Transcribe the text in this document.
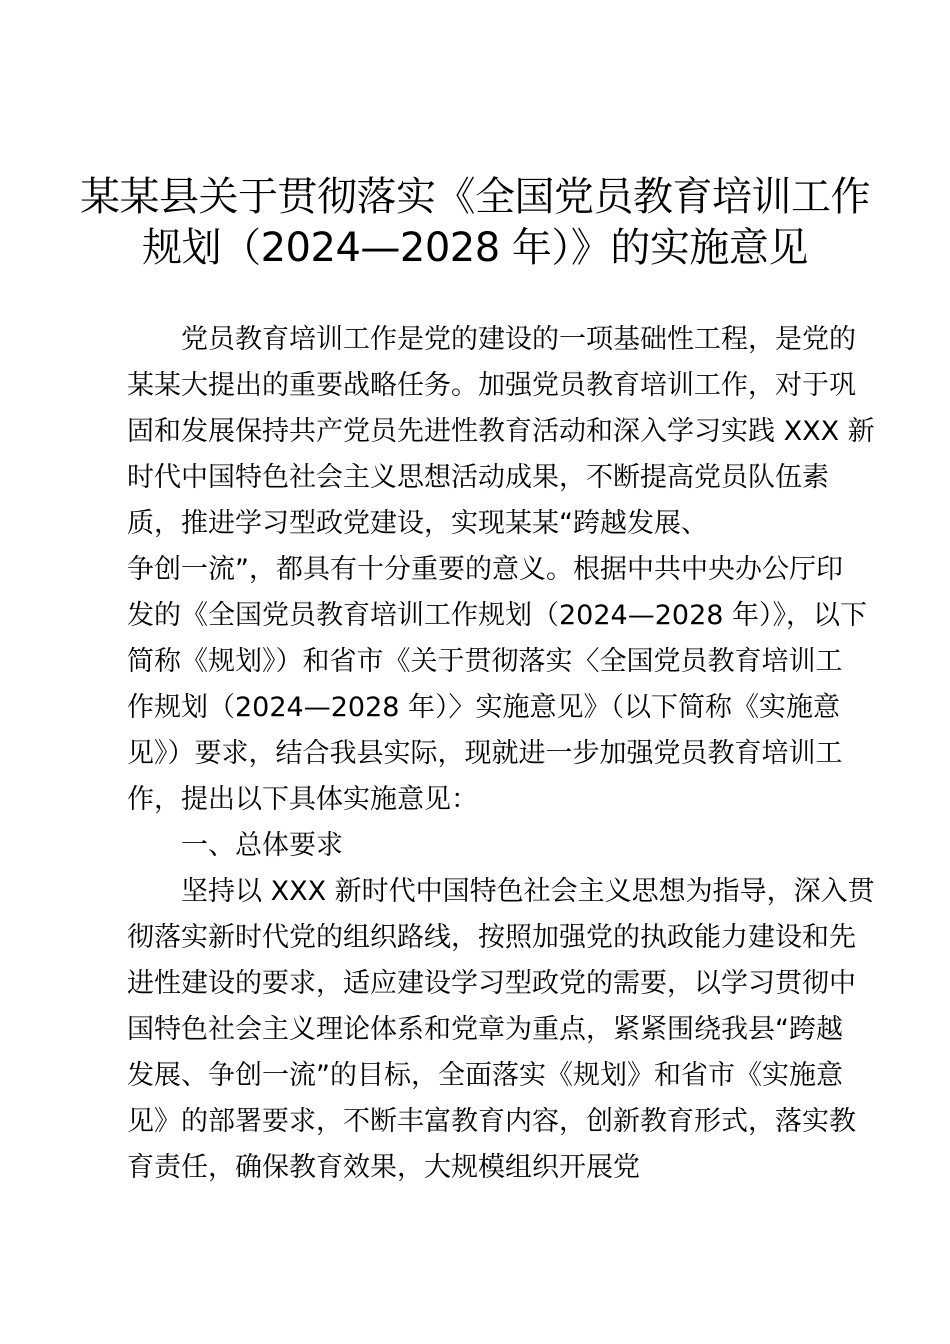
某某县关于贯彻落实《全国党员教育培训工作
规划（2024—2028 年）》的实施意见
　　党员教育培训工作是党的建设的一项基础性工程，是党的
某某大提出的重要战略任务。加强党员教育培训工作，对于巩
固和发展保持共产党员先进性教育活动和深入学习实践 XXX 新
时代中国特色社会主义思想活动成果，不断提高党员队伍素
质，推进学习型政党建设，实现某某“跨越发展、
争创一流”，都具有十分重要的意义。根据中共中央办公厅印
发的《全国党员教育培训工作规划（2024—2028 年）》，以下
简称《规划》）和省市《关于贯彻落实〈全国党员教育培训工
作规划（2024—2028 年）〉实施意见》（以下简称《实施意
见》）要求，结合我县实际，现就进一步加强党员教育培训工
作，提出以下具体实施意见：
　　一、总体要求
　　坚持以 XXX 新时代中国特色社会主义思想为指导，深入贯
彻落实新时代党的组织路线，按照加强党的执政能力建设和先
进性建设的要求，适应建设学习型政党的需要，以学习贯彻中
国特色社会主义理论体系和党章为重点，紧紧围绕我县“跨越
发展、争创一流”的目标，全面落实《规划》和省市《实施意
见》的部署要求，不断丰富教育内容，创新教育形式，落实教
育责任，确保教育效果，大规模组织开展党
